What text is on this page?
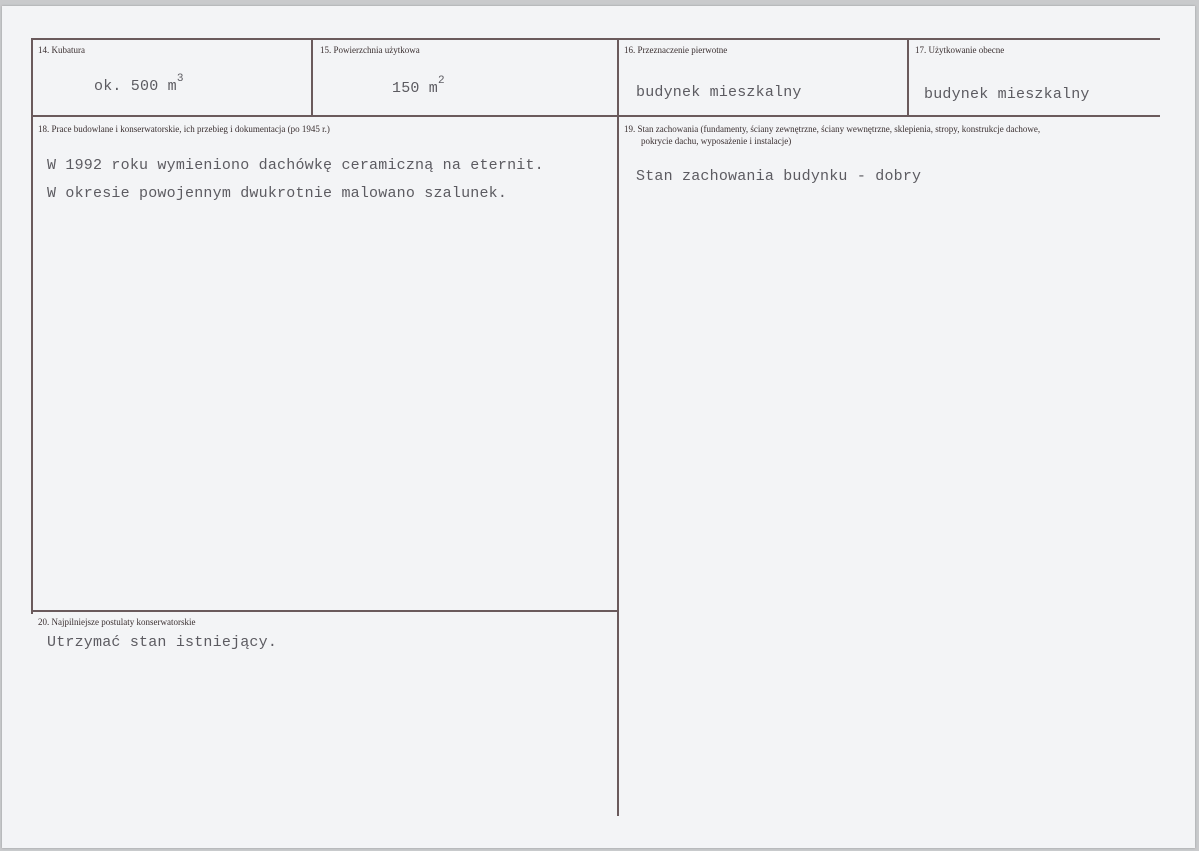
14. Kubatura
ok. 500 $m^3$
15. Powierzchnia użytkowa
150 $m^2$
16. Przeznaczenie pierwotne
budynek mieszkalny
17. Użytkowanie obecne
budynek mieszkalny
18. Prace budowlane i konserwatorskie, ich przebieg i dokumentacja (po 1945 r.)
W 1992 roku wymieniono dachówkę ceramiczną na eternit.
W okresie powojennym dwukrotnie malowano szalunek.
19. Stan zachowania (fundamenty, ściany zewnętrzne, ściany wewnętrzne, sklepienia, stropy, konstrukcje dachowe,
pokrycie dachu, wyposażenie i instalacje)
Stan zachowania budynku - dobry
20. Najpilniejsze postulaty konserwatorskie
Utrzymać stan istniejący.
